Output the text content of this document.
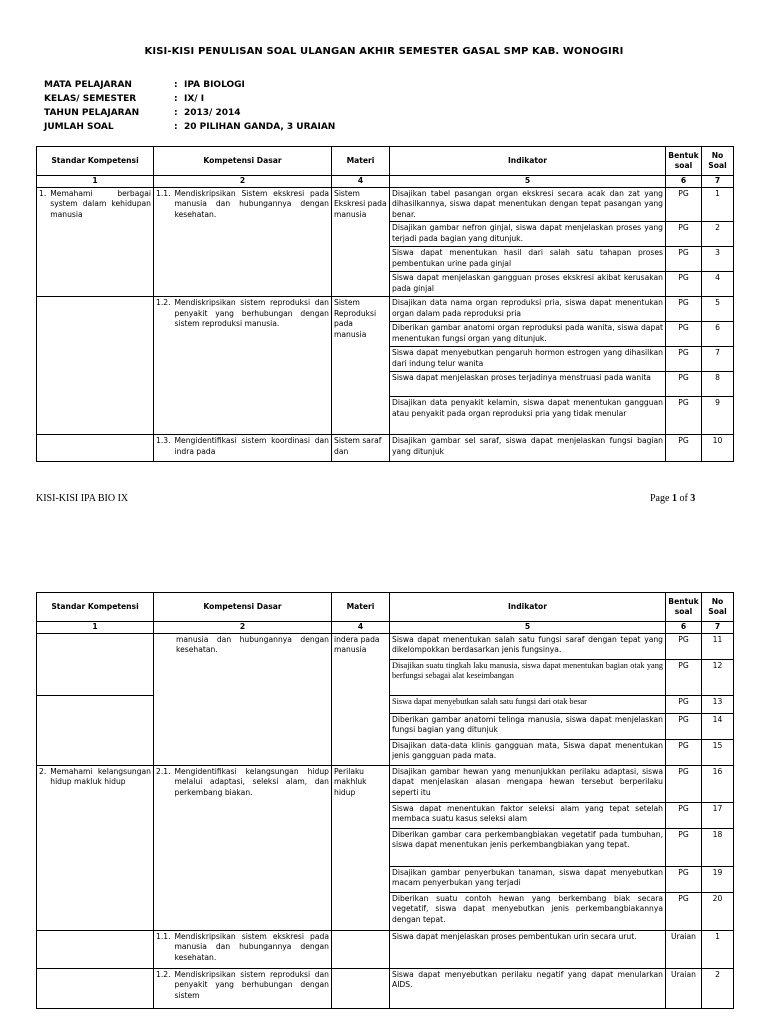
KISI-KISI PENULISAN SOAL ULANGAN AKHIR SEMESTER GASAL SMP KAB. WONOGIRI
MATA PELAJARAN	: IPA BIOLOGI
KELAS/ SEMESTER	: IX/ I
TAHUN PELAJARAN	: 2013/ 2014
JUMLAH SOAL	: 20 PILIHAN GANDA, 3 URAIAN
Standar Kompetensi	Kompetensi Dasar	Materi	Indikator	Bentuk soal	No Soal
1	2	4	5	6	7

1. Memahami berbagai system dalam kehidupan manusia	1.1. Mendiskripsikan Sistem ekskresi pada manusia dan hubungannya dengan kesehatan.	Sistem Ekskresi pada manusia	Disajikan tabel pasangan organ ekskresi secara acak dan zat yang dihasilkannya, siswa dapat menentukan dengan tepat pasangan yang benar.	PG	1
			Disajikan gambar nefron ginjal, siswa dapat menjelaskan proses yang terjadi pada bagian yang ditunjuk.	PG	2
			Siswa dapat menentukan hasil dari salah satu tahapan proses pembentukan urine pada ginjal	PG	3
			Siswa dapat menjelaskan gangguan proses ekskresi akibat kerusakan pada ginjal	PG	4

	1.2. Mendiskripsikan sistem reproduksi dan penyakit yang berhubungan dengan sistem reproduksi manusia.	Sistem Reproduksi pada manusia	Disajikan data nama organ reproduksi pria, siswa dapat menentukan organ dalam pada reproduksi pria	PG	5
			Diberikan gambar anatomi organ reproduksi pada wanita, siswa dapat menentukan fungsi organ yang ditunjuk.	PG	6
			Siswa dapat menyebutkan pengaruh hormon estrogen yang dihasilkan dari indung telur wanita	PG	7
			Siswa dapat menjelaskan proses terjadinya menstruasi pada wanita	PG	8
			Disajikan data penyakit kelamin, siswa dapat menentukan gangguan atau penyakit pada organ reproduksi pria yang tidak menular	PG	9

	1.3. Mengidentifikasi sistem koordinasi dan indra pada	Sistem saraf dan	Disajikan gambar sel saraf, siswa dapat menjelaskan fungsi bagian yang ditunjuk	PG	10
KISI-KISI IPA BIO IX	Page 1 of 3
Standar Kompetensi	Kompetensi Dasar	Materi	Indikator	Bentuk soal	No Soal
1	2	4	5	6	7

	manusia dan hubungannya dengan kesehatan.	indera pada manusia	Siswa dapat menentukan salah satu fungsi saraf dengan tepat yang dikelompokkan berdasarkan jenis fungsinya.	PG	11
			Disajikan suatu tingkah laku manusia, siswa dapat menentukan bagian otak yang berfungsi sebagai alat keseimbangan	PG	12
			Siswa dapat menyebutkan salah satu fungsi dari otak besar	PG	13
			Diberikan gambar anatomi telinga manusia, siswa dapat menjelaskan fungsi bagian yang ditunjuk	PG	14
			Disajikan data-data klinis gangguan mata, Siswa dapat menentukan jenis gangguan pada mata.	PG	15

2. Memahami kelangsungan hidup makluk hidup	2.1. Mengidentifikasi kelangsungan hidup melalui adaptasi, seleksi alam, dan perkembang biakan.	Perilaku makhluk hidup	Disajikan gambar hewan yang menunjukkan perilaku adaptasi, siswa dapat menjelaskan alasan mengapa hewan tersebut berperilaku seperti itu	PG	16
			Siswa dapat menentukan faktor seleksi alam yang tepat setelah membaca suatu kasus seleksi alam	PG	17
			Diberikan gambar cara perkembangbiakan vegetatif pada tumbuhan, siswa dapat menentukan jenis perkembangbiakan yang tepat.	PG	18
			Disajikan gambar penyerbukan tanaman, siswa dapat menyebutkan macam penyerbukan yang terjadi	PG	19
			Diberikan suatu contoh hewan yang berkembang biak secara vegetatif, siswa dapat menyebutkan jenis perkembangbiakannya dengan tepat.	PG	20

	1.1. Mendiskripsikan sistem ekskresi pada manusia dan hubungannya dengan kesehatan.		Siswa dapat menjelaskan proses pembentukan urin secara urut.	Uraian	1

	1.2. Mendiskripsikan sistem reproduksi dan penyakit yang berhubungan dengan sistem		Siswa dapat menyebutkan perilaku negatif yang dapat menularkan AIDS.	Uraian	2
